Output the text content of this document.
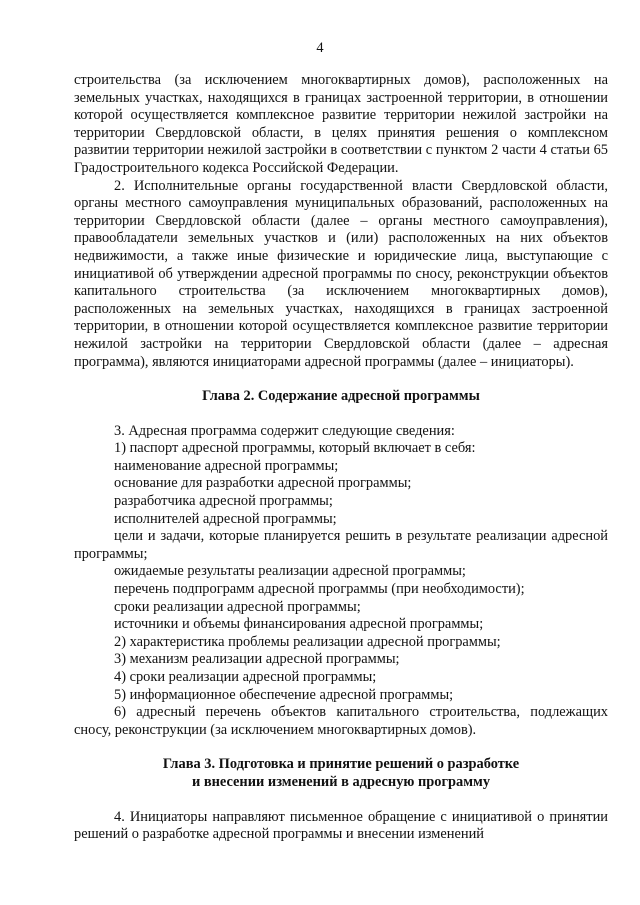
4

строительства (за исключением многоквартирных домов), расположенных на земельных участках, находящихся в границах застроенной территории, в отношении которой осуществляется комплексное развитие территории нежилой застройки на территории Свердловской области, в целях принятия решения о комплексном развитии территории нежилой застройки в соответствии с пунктом 2 части 4 статьи 65 Градостроительного кодекса Российской Федерации.

2. Исполнительные органы государственной власти Свердловской области, органы местного самоуправления муниципальных образований, расположенных на территории Свердловской области (далее – органы местного самоуправления), правообладатели земельных участков и (или) расположенных на них объектов недвижимости, а также иные физические и юридические лица, выступающие с инициативой об утверждении адресной программы по сносу, реконструкции объектов капитального строительства (за исключением многоквартирных домов), расположенных на земельных участках, находящихся в границах застроенной территории, в отношении которой осуществляется комплексное развитие территории нежилой застройки на территории Свердловской области (далее – адресная программа), являются инициаторами адресной программы (далее – инициаторы).

Глава 2. Содержание адресной программы

3. Адресная программа содержит следующие сведения:

1) паспорт адресной программы, который включает в себя:

наименование адресной программы;

основание для разработки адресной программы;

разработчика адресной программы;

исполнителей адресной программы;

цели и задачи, которые планируется решить в результате реализации адресной программы;

ожидаемые результаты реализации адресной программы;

перечень подпрограмм адресной программы (при необходимости);

сроки реализации адресной программы;

источники и объемы финансирования адресной программы;

2) характеристика проблемы реализации адресной программы;

3) механизм реализации адресной программы;

4) сроки реализации адресной программы;

5) информационное обеспечение адресной программы;

6) адресный перечень объектов капитального строительства, подлежащих сносу, реконструкции (за исключением многоквартирных домов).

Глава 3. Подготовка и принятие решений о разработке

и внесении изменений в адресную программу

4. Инициаторы направляют письменное обращение с инициативой о принятии решений о разработке адресной программы и внесении изменений
